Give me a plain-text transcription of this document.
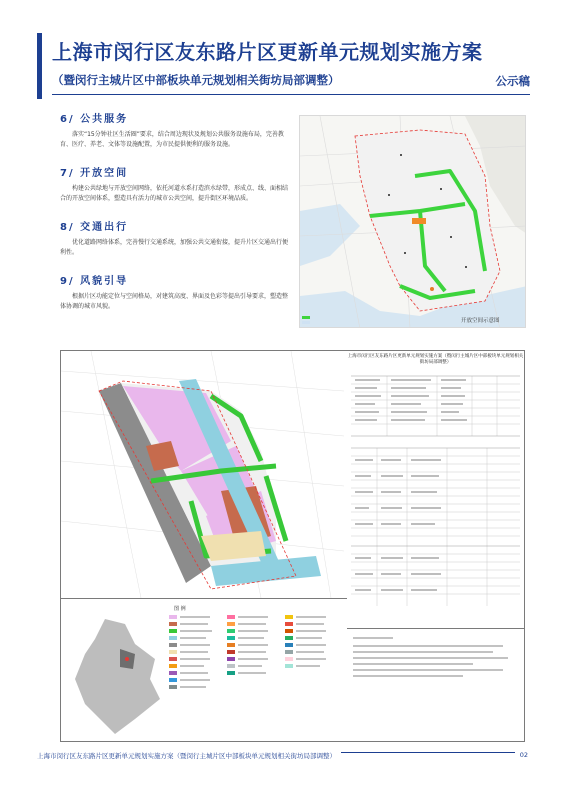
上海市闵行区友东路片区更新单元规划实施方案
（暨闵行主城片区中部板块单元规划相关街坊局部调整）	公示稿
6/ 公共服务

落实“15分钟社区生活圈”要求，结合周边现状及规划公共服务设施布局，完善教育、医疗、养老、文体等设施配置，为市民提供便利的服务设施。

7/ 开放空间

构建公共绿地与开放空间网络，依托河道水系打造滨水绿带，形成点、线、面相结合的开放空间体系，塑造具有活力的城市公共空间，提升街区环境品质。

8/ 交通出行

优化道路网络体系，完善慢行交通系统，加强公共交通衔接，提升片区交通出行便利性。

9/ 风貌引导

根据片区功能定位与空间格局，对建筑高度、界面及色彩等提出引导要求，塑造整体协调的城市风貌。

开放空间示意图
上海市闵行区友东路片区更新单元规划实施方案（暨闵行主城片区中部板块单元规划相关街坊局部调整）
图 例
上海市闵行区友东路片区更新单元规划实施方案（暨闵行主城片区中部板块单元规划相关街坊局部调整）	02
